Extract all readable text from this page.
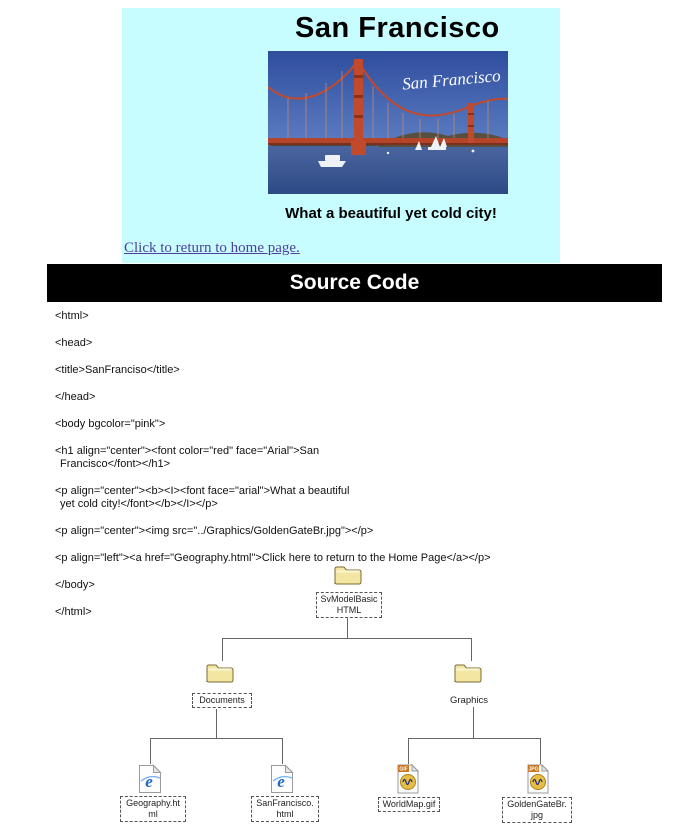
San Francisco
San Francisco
What a beautiful yet cold city!
Click to return to home page.
Source Code
<html>
<head>
<title>SanFranciso</title>
</head>
<body bgcolor="pink">
<h1 align="center"><font color="red" face="Arial">San
Francisco</font></h1>
<p align="center"><b><I><font face="arial">What a beautiful
yet cold city!</font></b></I></p>
<p align="center"><img src="../Graphics/GoldenGateBr.jpg"></p>
<p align="left"><a href="Geography.html">Click here to return to the Home Page</a></p>
</body>
</html>
SvModelBasic
HTML
Documents	Graphics
e
Geography.ht
ml
e
SanFrancisco.
html
GIF
WorldMap.gif
JPG
GoldenGateBr.
jpg
